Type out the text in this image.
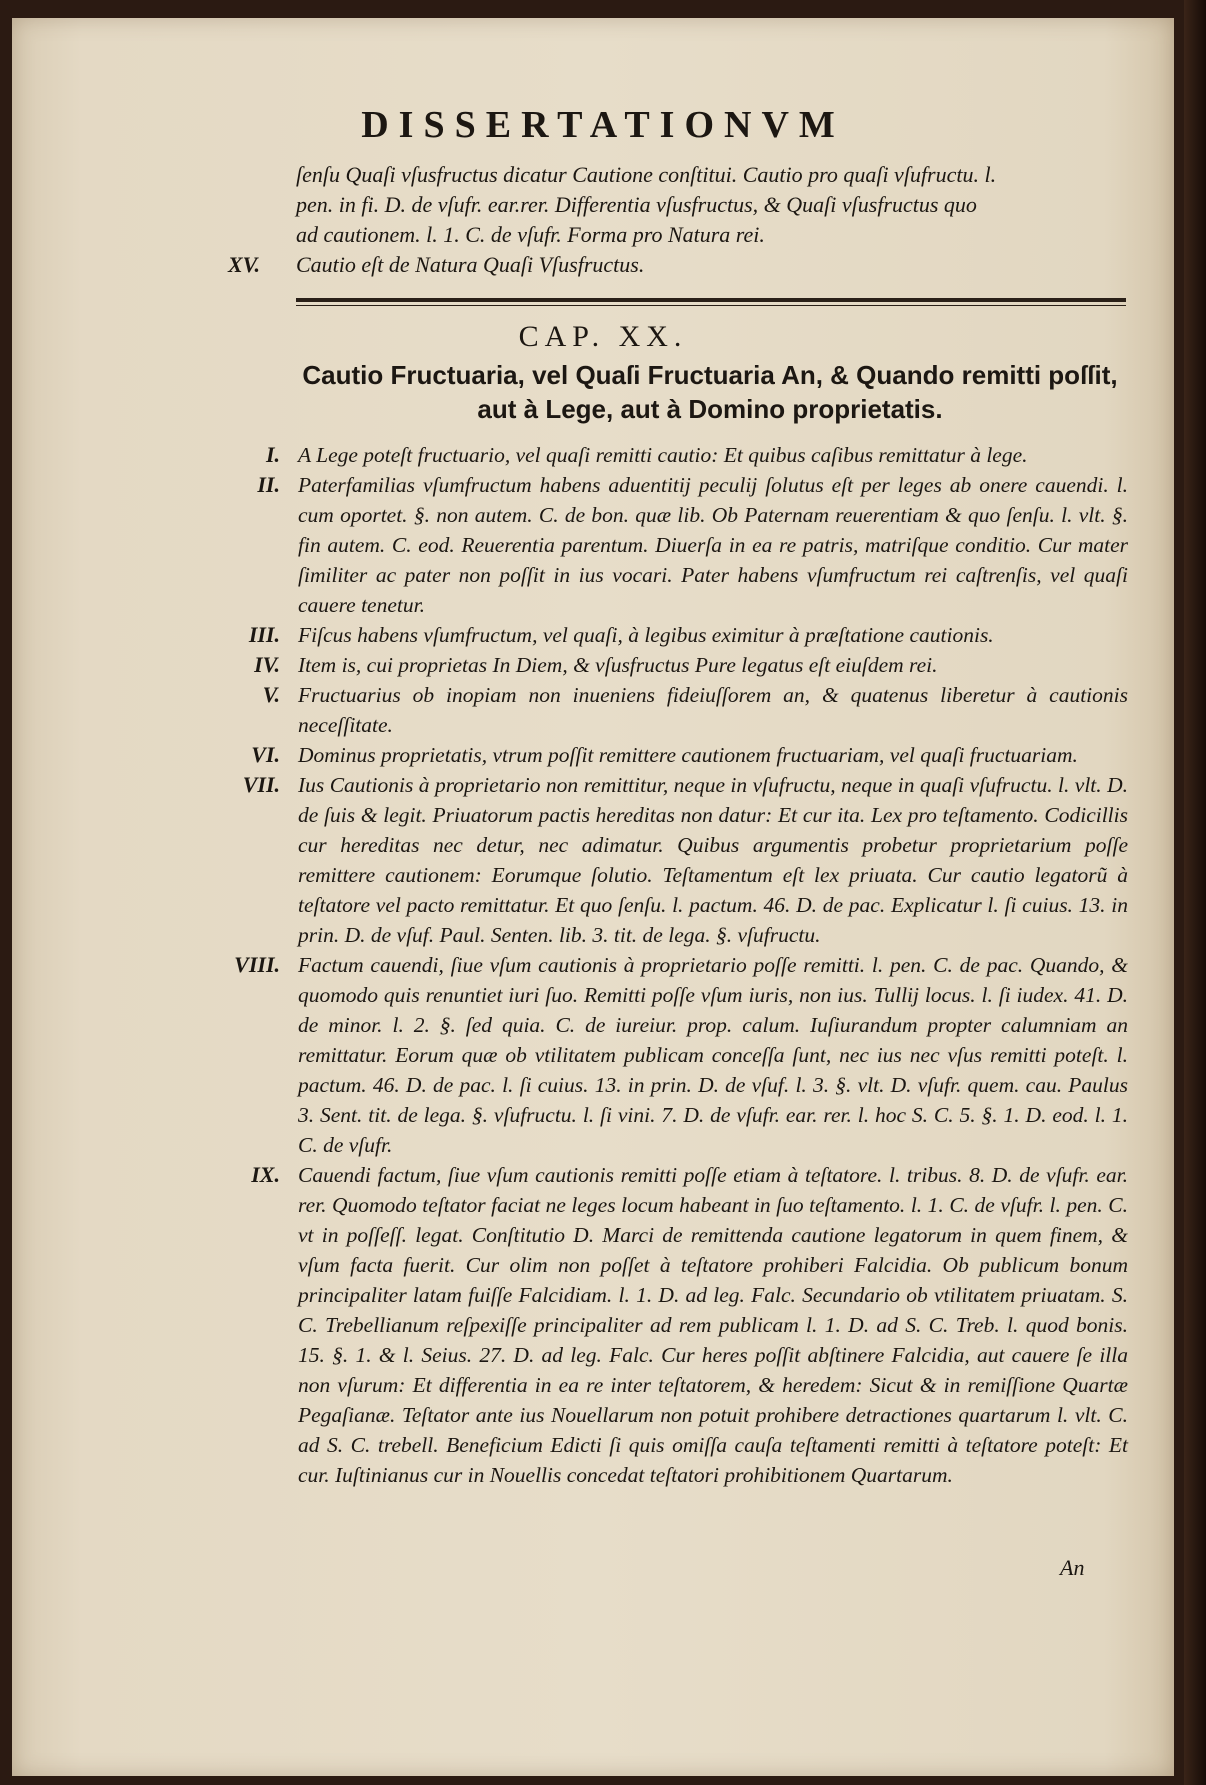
DISSERTATIONVM
ſenſu Quaſi vſusfructus dicatur Cautione conſtitui. Cautio pro quaſi vſufructu. l.
pen. in fi. D. de vſufr. ear.rer. Differentia vſusfructus, & Quaſi vſusfructus quo
ad cautionem. l. 1. C. de vſufr. Forma pro Natura rei.
XV. Cautio eſt de Natura Quaſi Vſusfructus.
CAP. XX.
Cautio Fructuaria, vel Quaſi Fructuaria An, & Quando remitti poſſit,
aut à Lege, aut à Domino proprietatis.
I. A Lege poteſt fructuario, vel quaſi remitti cautio: Et quibus caſibus remittatur à lege.
II. Paterfamilias vſumfructum habens aduentitij peculij ſolutus eſt per leges ab onere cauendi. l. cum oportet. §. non autem. C. de bon. quæ lib. Ob Paternam reuerentiam & quo ſenſu. l. vlt. §. fin autem. C. eod. Reuerentia parentum. Diuerſa in ea re patris, matriſque conditio. Cur mater ſimiliter ac pater non poſſit in ius vocari. Pater habens vſumfructum rei caſtrenſis, vel quaſi cauere tenetur.
III. Fiſcus habens vſumfructum, vel quaſi, à legibus eximitur à præſtatione cautionis.
IV. Item is, cui proprietas In Diem, & vſusfructus Pure legatus eſt eiuſdem rei.
V. Fructuarius ob inopiam non inueniens fideiuſſorem an, & quatenus liberetur à cautionis neceſſitate.
VI. Dominus proprietatis, vtrum poſſit remittere cautionem fructuariam, vel quaſi fructuariam.
VII. Ius Cautionis à proprietario non remittitur, neque in vſufructu, neque in quaſi vſufructu. l. vlt. D. de ſuis & legit. Priuatorum pactis hereditas non datur: Et cur ita. Lex pro teſtamento. Codicillis cur hereditas nec detur, nec adimatur. Quibus argumentis probetur proprietarium poſſe remittere cautionem: Eorumque ſolutio. Teſtamentum eſt lex priuata. Cur cautio legatorũ à teſtatore vel pacto remittatur. Et quo ſenſu. l. pactum. 46. D. de pac. Explicatur l. ſi cuius. 13. in prin. D. de vſuf. Paul. Senten. lib. 3. tit. de lega. §. vſufructu.
VIII. Factum cauendi, ſiue vſum cautionis à proprietario poſſe remitti. l. pen. C. de pac. Quando, & quomodo quis renuntiet iuri ſuo. Remitti poſſe vſum iuris, non ius. Tullij locus. l. ſi iudex. 41. D. de minor. l. 2. §. ſed quia. C. de iureiur. prop. calum. Iuſiurandum propter calumniam an remittatur. Eorum quæ ob vtilitatem publicam conceſſa ſunt, nec ius nec vſus remitti poteſt. l. pactum. 46. D. de pac. l. ſi cuius. 13. in prin. D. de vſuf. l. 3. §. vlt. D. vſufr. quem. cau. Paulus 3. Sent. tit. de lega. §. vſufructu. l. ſi vini. 7. D. de vſufr. ear. rer. l. hoc S. C. 5. §. 1. D. eod. l. 1. C. de vſufr.
IX. Cauendi factum, ſiue vſum cautionis remitti poſſe etiam à teſtatore. l. tribus. 8. D. de vſufr. ear. rer. Quomodo teſtator faciat ne leges locum habeant in ſuo teſtamento. l. 1. C. de vſufr. l. pen. C. vt in poſſeſſ. legat. Conſtitutio D. Marci de remittenda cautione legatorum in quem finem, & vſum facta fuerit. Cur olim non poſſet à teſtatore prohiberi Falcidia. Ob publicum bonum principaliter latam fuiſſe Falcidiam. l. 1. D. ad leg. Falc. Secundario ob vtilitatem priuatam. S. C. Trebellianum reſpexiſſe principaliter ad rem publicam l. 1. D. ad S. C. Treb. l. quod bonis. 15. §. 1. & l. Seius. 27. D. ad leg. Falc. Cur heres poſſit abſtinere Falcidia, aut cauere ſe illa non vſurum: Et differentia in ea re inter teſtatorem, & heredem: Sicut & in remiſſione Quartæ Pegaſianæ. Teſtator ante ius Nouellarum non potuit prohibere detractiones quartarum l. vlt. C. ad S. C. trebell. Beneficium Edicti ſi quis omiſſa cauſa teſtamenti remitti à teſtatore poteſt: Et cur. Iuſtinianus cur in Nouellis concedat teſtatori prohibitionem Quartarum.
An
